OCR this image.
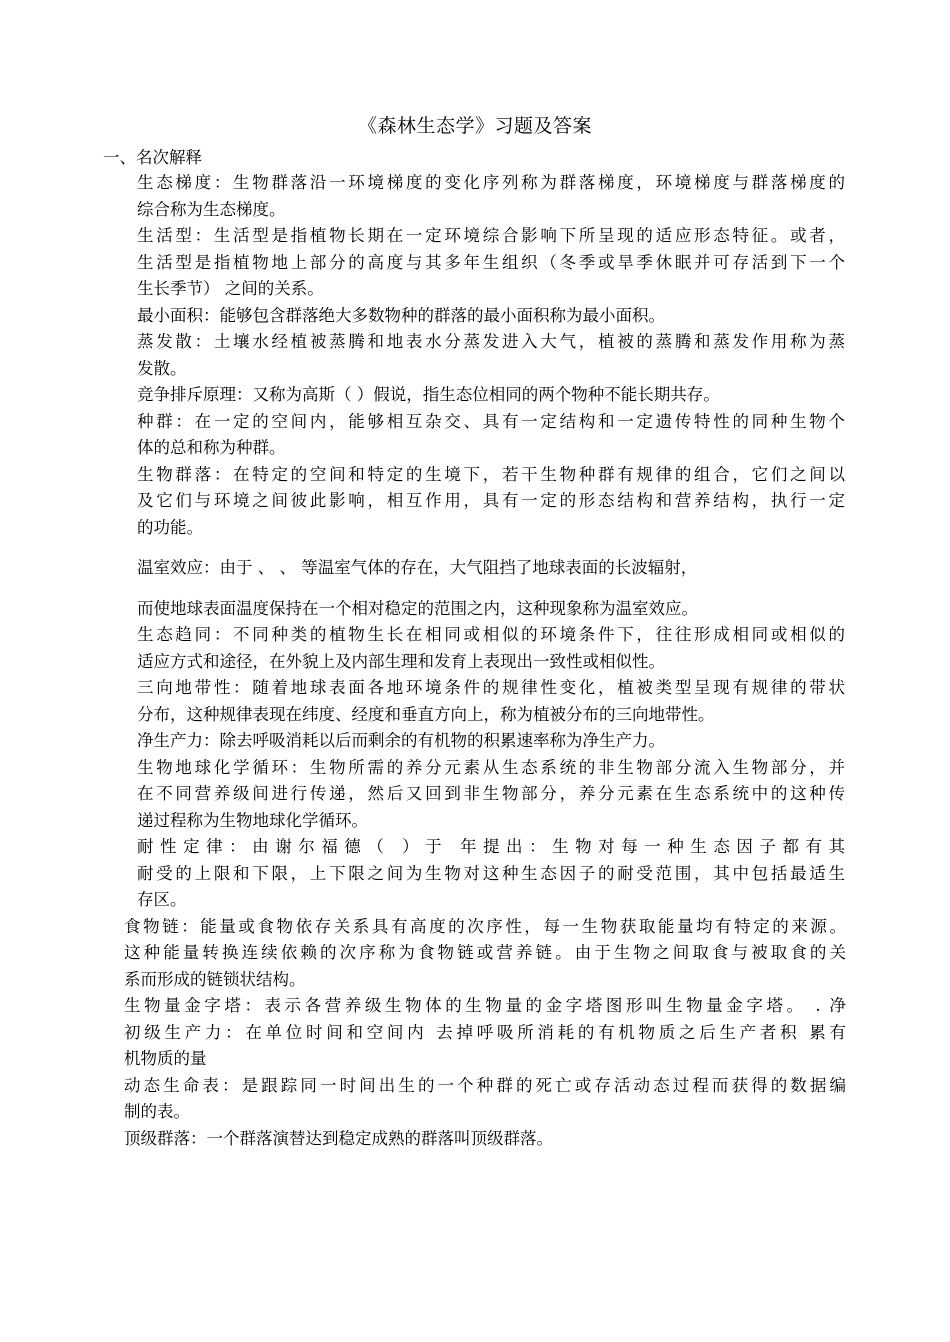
《森林生态学》习题及答案
一、名次解释
生态梯度：生物群落沿一环境梯度的变化序列称为群落梯度，环境梯度与群落梯度的
综合称为生态梯度。
生活型：生活型是指植物长期在一定环境综合影响下所呈现的适应形态特征。或者，
生活型是指植物地上部分的高度与其多年生组织（冬季或旱季休眠并可存活到下一个
生长季节） 之间的关系。
最小面积：能够包含群落绝大多数物种的群落的最小面积称为最小面积。
蒸发散：土壤水经植被蒸腾和地表水分蒸发进入大气，植被的蒸腾和蒸发作用称为蒸
发散。
竞争排斥原理：又称为高斯（ ）假说，指生态位相同的两个物种不能长期共存。
种群：在一定的空间内，能够相互杂交、具有一定结构和一定遗传特性的同种生物个
体的总和称为种群。
生物群落：在特定的空间和特定的生境下，若干生物种群有规律的组合，它们之间以
及它们与环境之间彼此影响，相互作用，具有一定的形态结构和营养结构，执行一定
的功能。
温室效应：由于 、 、 等温室气体的存在，大气阻挡了地球表面的长波辐射，
而使地球表面温度保持在一个相对稳定的范围之内，这种现象称为温室效应。
生态趋同：不同种类的植物生长在相同或相似的环境条件下，往往形成相同或相似的
适应方式和途径，在外貌上及内部生理和发育上表现出一致性或相似性。
三向地带性：随着地球表面各地环境条件的规律性变化，植被类型呈现有规律的带状
分布，这种规律表现在纬度、经度和垂直方向上，称为植被分布的三向地带性。
净生产力：除去呼吸消耗以后而剩余的有机物的积累速率称为净生产力。
生物地球化学循环：生物所需的养分元素从生态系统的非生物部分流入生物部分，并
在不同营养级间进行传递，然后又回到非生物部分，养分元素在生态系统中的这种传
递过程称为生物地球化学循环。
耐性定律：由谢尔福德（ ）于 年提出：生物对每一种生态因子都有其
耐受的上限和下限，上下限之间为生物对这种生态因子的耐受范围，其中包括最适生
存区。
食物链：能量或食物依存关系具有高度的次序性，每一生物获取能量均有特定的来源。
这种能量转换连续依赖的次序称为食物链或营养链。由于生物之间取食与被取食的关
系而形成的链锁状结构。
生物量金字塔：表示各营养级生物体的生物量的金字塔图形叫生物量金字塔。 . 净
初级生产力：在单位时间和空间内 去掉呼吸所消耗的有机物质之后生产者积 累有
机物质的量
动态生命表：是跟踪同一时间出生的一个种群的死亡或存活动态过程而获得的数据编
制的表。
顶级群落：一个群落演替达到稳定成熟的群落叫顶级群落。
